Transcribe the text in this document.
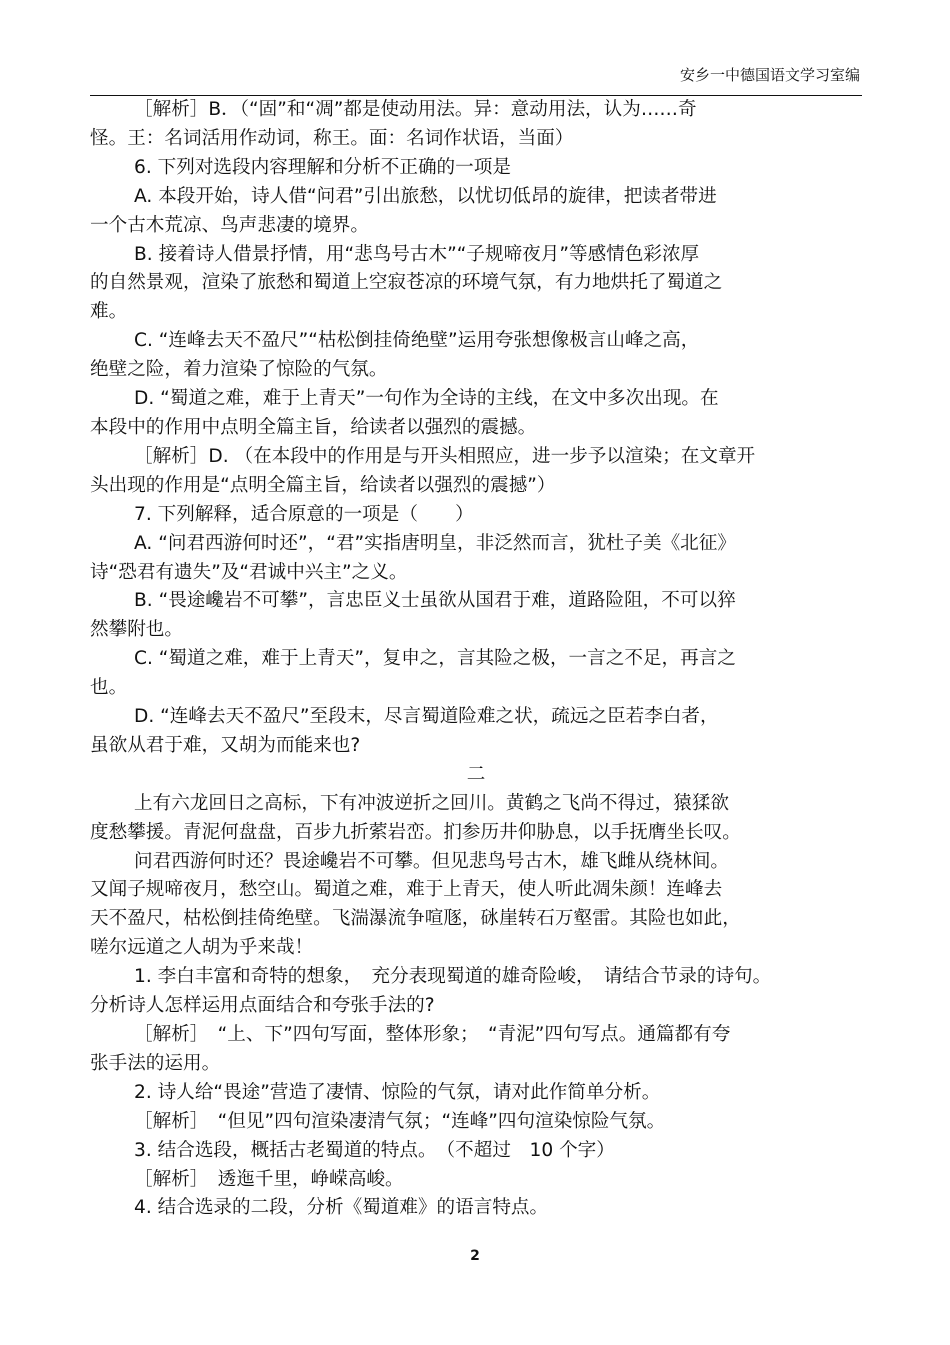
安乡一中德国语文学习室编
［解析］B．（“固”和“凋”都是使动用法。异：意动用法，认为……奇
怪。王：名词活用作动词，称王。面：名词作状语，当面）
6. 下列对选段内容理解和分析不正确的一项是
A. 本段开始，诗人借“问君”引出旅愁，以忧切低昂的旋律，把读者带进
一个古木荒凉、鸟声悲凄的境界。
B. 接着诗人借景抒情，用“悲鸟号古木”“子规啼夜月”等感情色彩浓厚
的自然景观，渲染了旅愁和蜀道上空寂苍凉的环境气氛，有力地烘托了蜀道之
难。
C. “连峰去天不盈尺”“枯松倒挂倚绝壁”运用夸张想像极言山峰之高，
绝壁之险，着力渲染了惊险的气氛。
D. “蜀道之难，难于上青天”一句作为全诗的主线，在文中多次出现。在
本段中的作用中点明全篇主旨，给读者以强烈的震撼。
［解析］D. （在本段中的作用是与开头相照应，进一步予以渲染；在文章开
头出现的作用是“点明全篇主旨，给读者以强烈的震撼”）
7. 下列解释，适合原意的一项是（　　）
A. “问君西游何时还”，“君”实指唐明皇，非泛然而言，犹杜子美《北征》
诗“恐君有遗失”及“君诚中兴主”之义。
B. “畏途巉岩不可攀”，言忠臣义士虽欲从国君于难，道路险阻，不可以猝
然攀附也。
C. “蜀道之难，难于上青天”，复申之，言其险之极，一言之不足，再言之
也。
D. “连峰去天不盈尺”至段末，尽言蜀道险难之状，疏远之臣若李白者，
虽欲从君于难，又胡为而能来也?
二
上有六龙回日之高标，下有冲波逆折之回川。黄鹤之飞尚不得过，猿猱欲
度愁攀援。青泥何盘盘，百步九折萦岩峦。扪参历井仰胁息，以手抚膺坐长叹。
问君西游何时还？畏途巉岩不可攀。但见悲鸟号古木，雄飞雌从绕林间。
又闻子规啼夜月，愁空山。蜀道之难，难于上青天，使人听此凋朱颜！连峰去
天不盈尺，枯松倒挂倚绝壁。飞湍瀑流争喧豗，砯崖转石万壑雷。其险也如此，
嗟尔远道之人胡为乎来哉！
1. 李白丰富和奇特的想象，　充分表现蜀道的雄奇险峻，　请结合节录的诗句。
分析诗人怎样运用点面结合和夸张手法的?
［解析］　“上、下”四句写面，整体形象；　“青泥”四句写点。通篇都有夸
张手法的运用。
2. 诗人给“畏途”营造了凄情、惊险的气氛，请对此作简单分析。
［解析］　“但见”四句渲染凄清气氛；“连峰”四句渲染惊险气氛。
3. 结合选段，概括古老蜀道的特点。　（不超过　10 个字）
［解析］　透迤千里，峥嵘高峻。
4. 结合选录的二段，分析《蜀道难》的语言特点。
2
